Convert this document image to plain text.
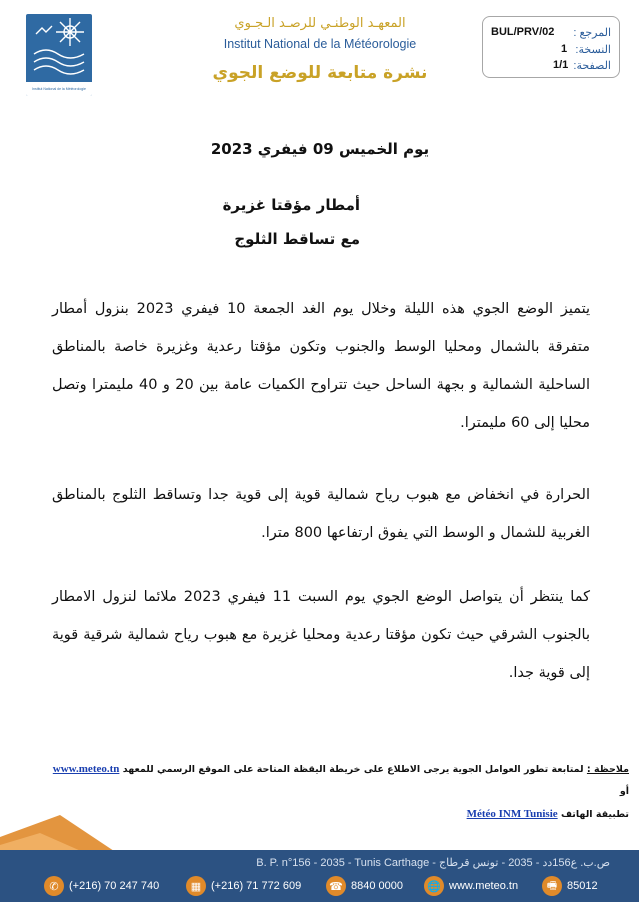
Institut National de la Météorologie
المعهـد الوطنـي للرصـد الـجـوي
Institut National de la Météorologie
نشرة متابعة للوضع الجوي
BUL/PRV/02 المرجع :
1 النسخة:
1/1 الصفحة:
يوم الخميس 09 فيفري 2023
أمطار مؤقتا غزيرة
مع تساقط الثلوج
يتميز الوضع الجوي هذه الليلة وخلال يوم الغد الجمعة 10 فيفري 2023 بنزول أمطار متفرقة بالشمال ومحليا الوسط والجنوب وتكون مؤقتا رعدية وغزيرة خاصة بالمناطق الساحلية الشمالية و بجهة الساحل حيث تتراوح الكميات عامة بين 20 و 40 مليمترا وتصل محليا إلى 60 مليمترا.
الحرارة في انخفاض مع هبوب رياح شمالية قوية إلى قوية جدا وتساقط الثلوج بالمناطق الغربية للشمال و الوسط التي يفوق ارتفاعها 800 مترا.
كما ينتظر أن يتواصل الوضع الجوي يوم السبت 11 فيفري 2023 ملائما لنزول الامطار بالجنوب الشرقي حيث تكون مؤقتا رعدية ومحليا غزيرة مع هبوب رياح شمالية شرقية قوية إلى قوية جدا.
ملاحظة : لمتابعة تطور العوامل الجوية يرجى الاطلاع على خريطة اليقظة المتاحة على الموقع الرسمي للمعهد www.meteo.tn أو
تطبيقة الهاتف Météo INM Tunisie
B. P. n°156 - 2035 - Tunis Carthage - ص.ب. ع156دد - 2035 - تونس قرطاج
🖷 85012
🌐 www.meteo.tn
☎ 8840 0000
▦ (+216) 71 772 609
✆ (+216) 70 247 740
